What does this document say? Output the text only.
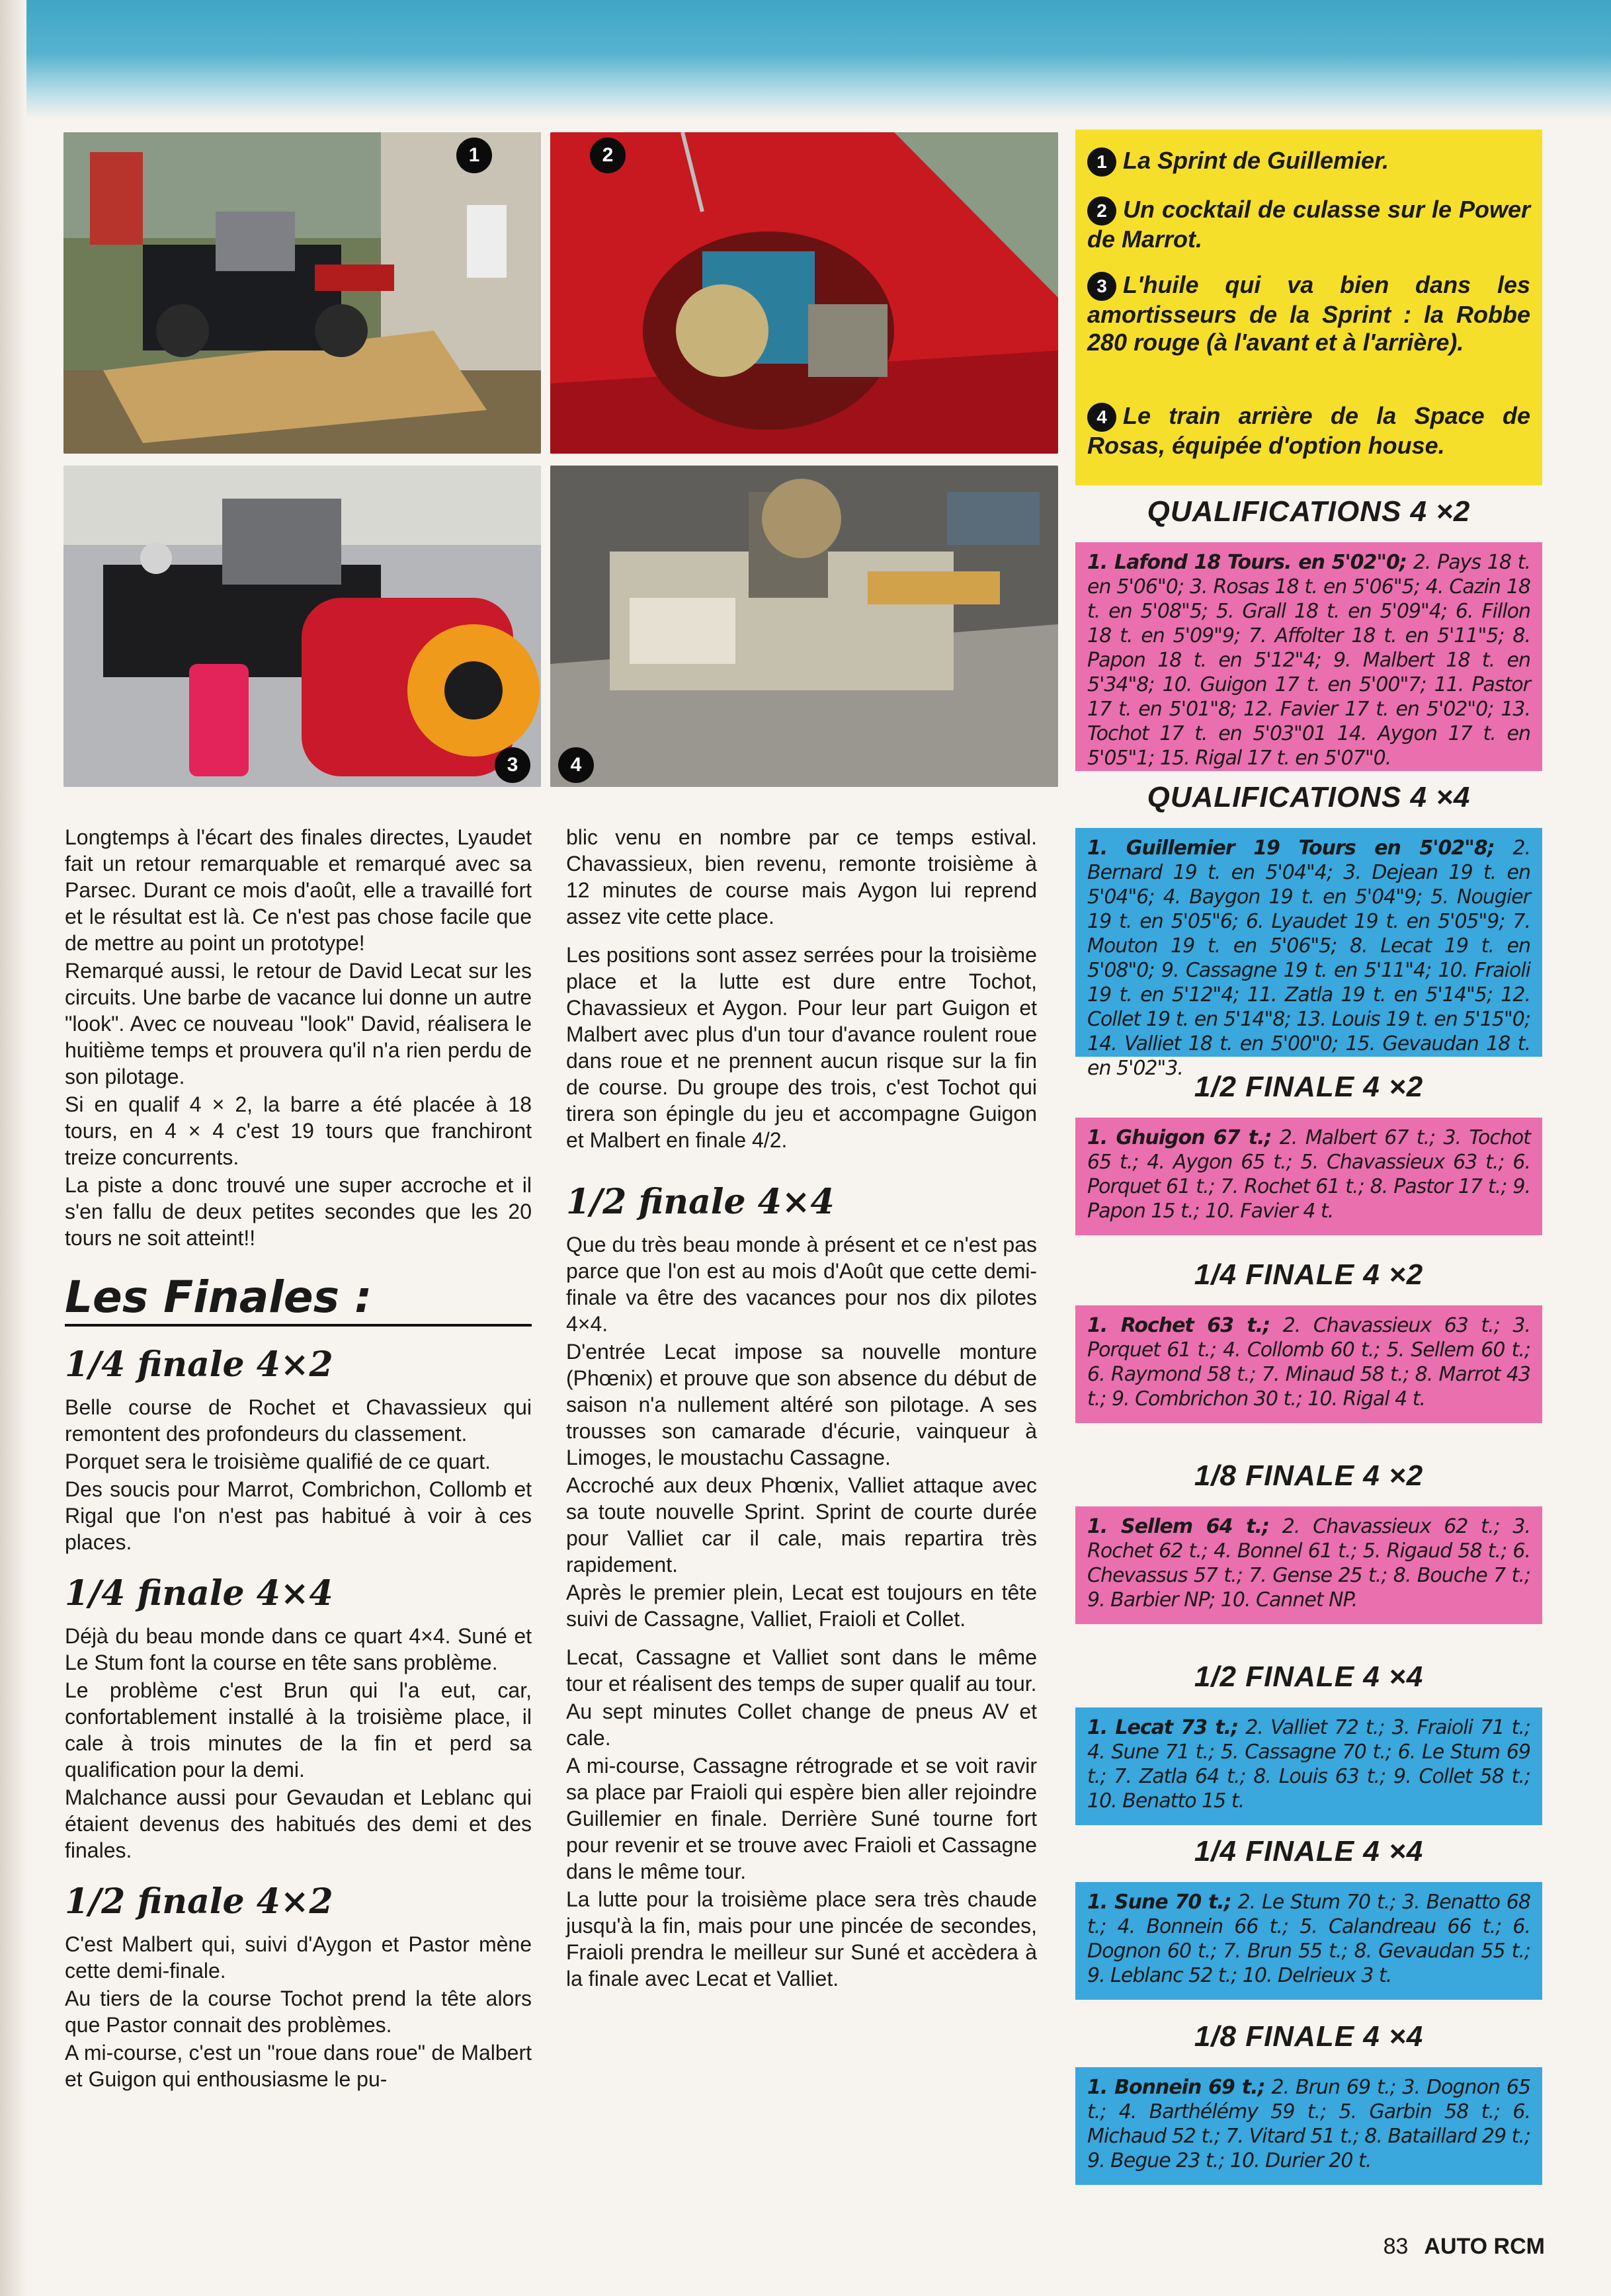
1	2
3	4
1 La Sprint de Guillemier.
2 Un cocktail de culasse sur le Power de Marrot.
3 L'huile qui va bien dans les amortisseurs de la Sprint : la Robbe 280 rouge (à l'avant et à l'arrière).
4 Le train arrière de la Space de Rosas, équipée d'option house.

Longtemps à l'écart des finales directes, Lyaudet fait un retour remarquable et remarqué avec sa Parsec. Durant ce mois d'août, elle a travaillé fort et le résultat est là. Ce n'est pas chose facile que de mettre au point un prototype!

Remarqué aussi, le retour de David Lecat sur les circuits. Une barbe de vacance lui donne un autre "look". Avec ce nouveau "look" David, réalisera le huitième temps et prouvera qu'il n'a rien perdu de son pilotage.

Si en qualif 4 × 2, la barre a été placée à 18 tours, en 4 × 4 c'est 19 tours que franchiront treize concurrents.

La piste a donc trouvé une super accroche et il s'en fallu de deux petites secondes que les 20 tours ne soit atteint!!

Les Finales :
1/4 finale 4×2

Belle course de Rochet et Chavassieux qui remontent des profondeurs du classement.

Porquet sera le troisième qualifié de ce quart.

Des soucis pour Marrot, Combrichon, Collomb et Rigal que l'on n'est pas habitué à voir à ces places.

1/4 finale 4×4

Déjà du beau monde dans ce quart 4×4. Suné et Le Stum font la course en tête sans problème.

Le problème c'est Brun qui l'a eut, car, confortablement installé à la troisième place, il cale à trois minutes de la fin et perd sa qualification pour la demi.

Malchance aussi pour Gevaudan et Leblanc qui étaient devenus des habitués des demi et des finales.

1/2 finale 4×2

C'est Malbert qui, suivi d'Aygon et Pastor mène cette demi-finale.

Au tiers de la course Tochot prend la tête alors que Pastor connait des problèmes.

A mi-course, c'est un "roue dans roue" de Malbert et Guigon qui enthousiasme le pu-

blic venu en nombre par ce temps estival. Chavassieux, bien revenu, remonte troisième à 12 minutes de course mais Aygon lui reprend assez vite cette place.

Les positions sont assez serrées pour la troisième place et la lutte est dure entre Tochot, Chavassieux et Aygon. Pour leur part Guigon et Malbert avec plus d'un tour d'avance roulent roue dans roue et ne prennent aucun risque sur la fin de course. Du groupe des trois, c'est Tochot qui tirera son épingle du jeu et accompagne Guigon et Malbert en finale 4/2.

1/2 finale 4×4

Que du très beau monde à présent et ce n'est pas parce que l'on est au mois d'Août que cette demi-finale va être des vacances pour nos dix pilotes 4×4.

D'entrée Lecat impose sa nouvelle monture (Phœnix) et prouve que son absence du début de saison n'a nullement altéré son pilotage. A ses trousses son camarade d'écurie, vainqueur à Limoges, le moustachu Cassagne.

Accroché aux deux Phœnix, Valliet attaque avec sa toute nouvelle Sprint. Sprint de courte durée pour Valliet car il cale, mais repartira très rapidement.

Après le premier plein, Lecat est toujours en tête suivi de Cassagne, Valliet, Fraioli et Collet.

Lecat, Cassagne et Valliet sont dans le même tour et réalisent des temps de super qualif au tour.

Au sept minutes Collet change de pneus AV et cale.

A mi-course, Cassagne rétrograde et se voit ravir sa place par Fraioli qui espère bien aller rejoindre Guillemier en finale. Derrière Suné tourne fort pour revenir et se trouve avec Fraioli et Cassagne dans le même tour.

La lutte pour la troisième place sera très chaude jusqu'à la fin, mais pour une pincée de secondes, Fraioli prendra le meilleur sur Suné et accèdera à la finale avec Lecat et Valliet.

QUALIFICATIONS 4 ×2
1. Lafond 18 Tours. en 5'02"0; 2. Pays 18 t. en 5'06"0; 3. Rosas 18 t. en 5'06"5; 4. Cazin 18 t. en 5'08"5; 5. Grall 18 t. en 5'09"4; 6. Fillon 18 t. en 5'09"9; 7. Affolter 18 t. en 5'11"5; 8. Papon 18 t. en 5'12"4; 9. Malbert 18 t. en 5'34"8; 10. Guigon 17 t. en 5'00"7; 11. Pastor 17 t. en 5'01"8; 12. Favier 17 t. en 5'02"0; 13. Tochot 17 t. en 5'03"01 14. Aygon 17 t. en 5'05"1; 15. Rigal 17 t. en 5'07"0.
QUALIFICATIONS 4 ×4
1. Guillemier 19 Tours en 5'02"8; 2. Bernard 19 t. en 5'04"4; 3. Dejean 19 t. en 5'04"6; 4. Baygon 19 t. en 5'04"9; 5. Nougier 19 t. en 5'05"6; 6. Lyaudet 19 t. en 5'05"9; 7. Mouton 19 t. en 5'06"5; 8. Lecat 19 t. en 5'08"0; 9. Cassagne 19 t. en 5'11"4; 10. Fraioli 19 t. en 5'12"4; 11. Zatla 19 t. en 5'14"5; 12. Collet 19 t. en 5'14"8; 13. Louis 19 t. en 5'15"0; 14. Valliet 18 t. en 5'00"0; 15. Gevaudan 18 t. en 5'02"3.
1/2 FINALE 4 ×2
1. Ghuigon 67 t.; 2. Malbert 67 t.; 3. Tochot 65 t.; 4. Aygon 65 t.; 5. Chavassieux 63 t.; 6. Porquet 61 t.; 7. Rochet 61 t.; 8. Pastor 17 t.; 9. Papon 15 t.; 10. Favier 4 t.
1/4 FINALE 4 ×2
1. Rochet 63 t.; 2. Chavassieux 63 t.; 3. Porquet 61 t.; 4. Collomb 60 t.; 5. Sellem 60 t.; 6. Raymond 58 t.; 7. Minaud 58 t.; 8. Marrot 43 t.; 9. Combrichon 30 t.; 10. Rigal 4 t.
1/8 FINALE 4 ×2
1. Sellem 64 t.; 2. Chavassieux 62 t.; 3. Rochet 62 t.; 4. Bonnel 61 t.; 5. Rigaud 58 t.; 6. Chevassus 57 t.; 7. Gense 25 t.; 8. Bouche 7 t.; 9. Barbier NP; 10. Cannet NP.
1/2 FINALE 4 ×4
1. Lecat 73 t.; 2. Valliet 72 t.; 3. Fraioli 71 t.; 4. Sune 71 t.; 5. Cassagne 70 t.; 6. Le Stum 69 t.; 7. Zatla 64 t.; 8. Louis 63 t.; 9. Collet 58 t.; 10. Benatto 15 t.
1/4 FINALE 4 ×4
1. Sune 70 t.; 2. Le Stum 70 t.; 3. Benatto 68 t.; 4. Bonnein 66 t.; 5. Calandreau 66 t.; 6. Dognon 60 t.; 7. Brun 55 t.; 8. Gevaudan 55 t.; 9. Leblanc 52 t.; 10. Delrieux 3 t.
1/8 FINALE 4 ×4
1. Bonnein 69 t.; 2. Brun 69 t.; 3. Dognon 65 t.; 4. Barthélémy 59 t.; 5. Garbin 58 t.; 6. Michaud 52 t.; 7. Vitard 51 t.; 8. Bataillard 29 t.; 9. Begue 23 t.; 10. Durier 20 t.
83 AUTO RCM
